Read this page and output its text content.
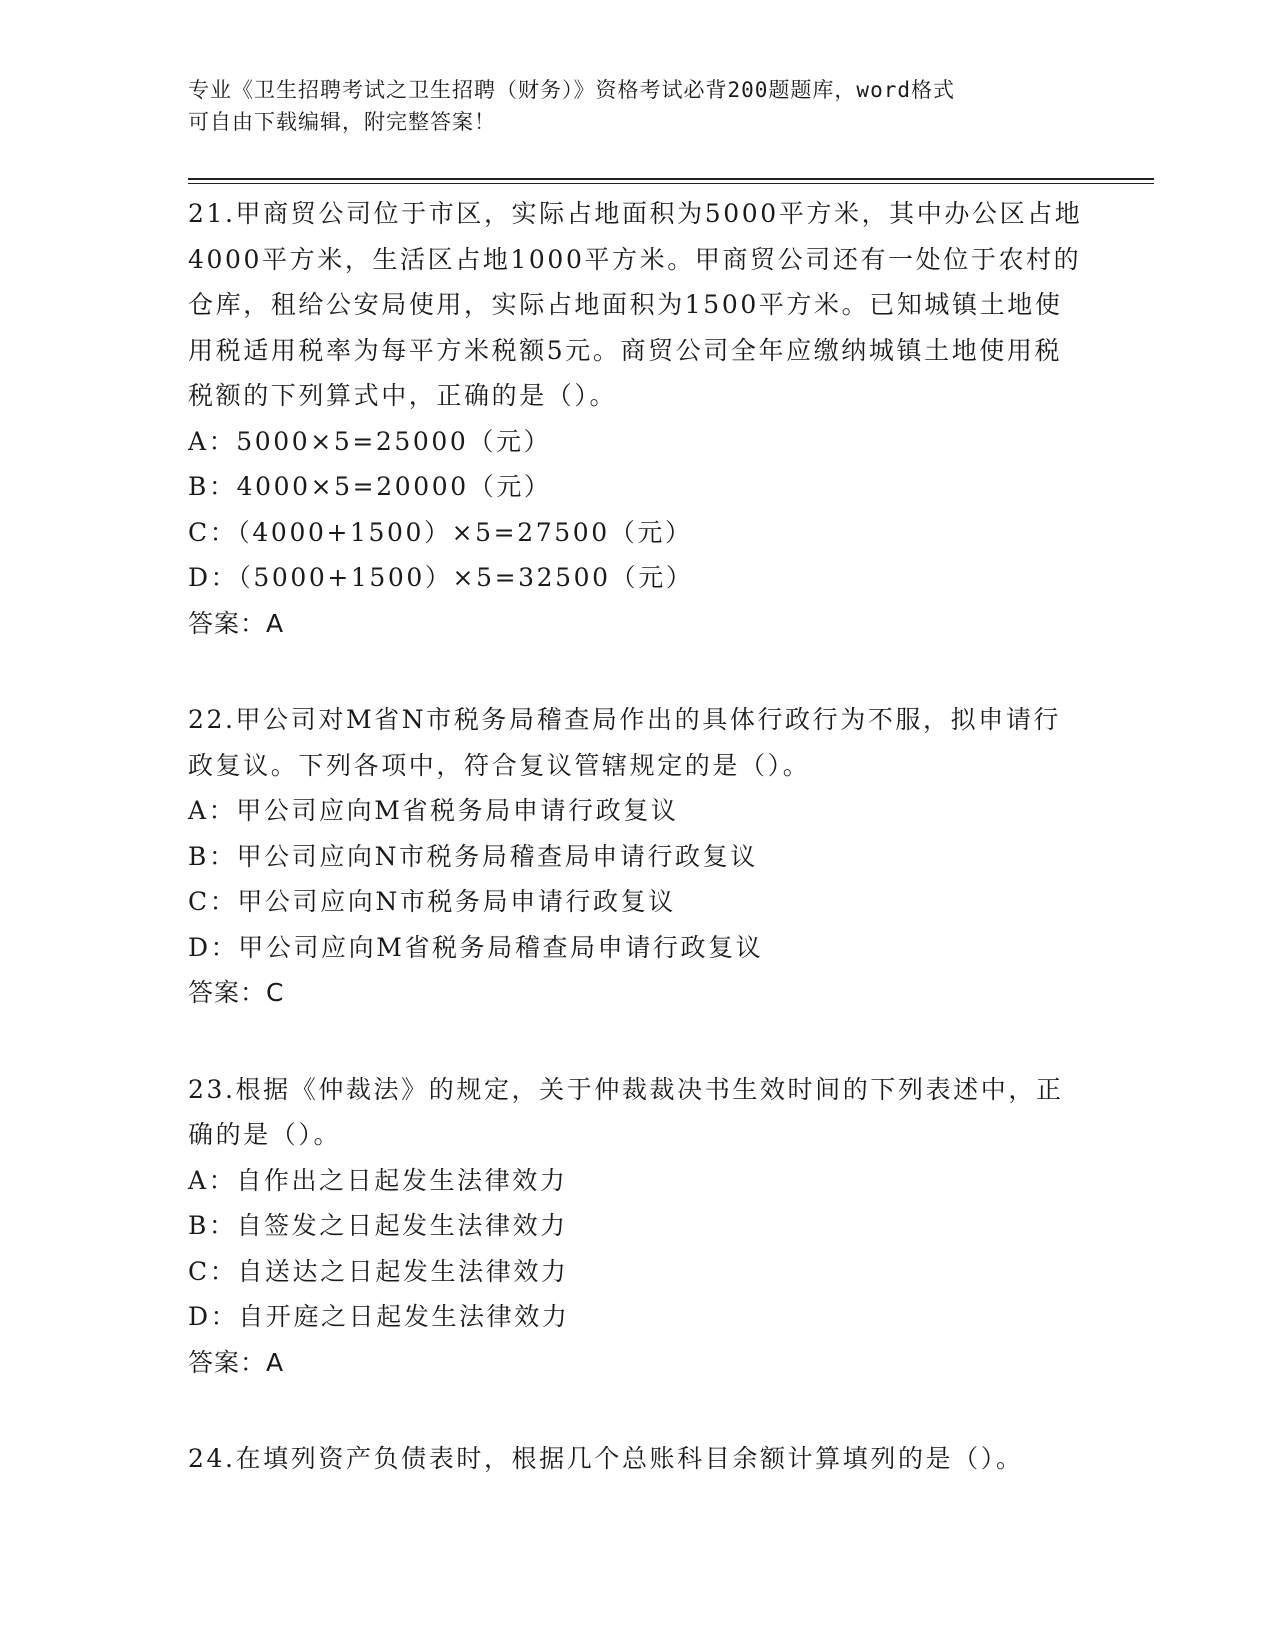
专业《卫生招聘考试之卫生招聘（财务）》资格考试必背200题题库，word格式
可自由下载编辑，附完整答案！

21.甲商贸公司位于市区，实际占地面积为5000平方米，其中办公区占地4000平方米，生活区占地1000平方米。甲商贸公司还有一处位于农村的仓库，租给公安局使用，实际占地面积为1500平方米。已知城镇土地使用税适用税率为每平方米税额5元。商贸公司全年应缴纳城镇土地使用税税额的下列算式中，正确的是（）。

A：5000×5=25000（元）

B：4000×5=20000（元）

C：（4000+1500）×5=27500（元）

D：（5000+1500）×5=32500（元）

答案：A

22.甲公司对M省N市税务局稽查局作出的具体行政行为不服，拟申请行政复议。下列各项中，符合复议管辖规定的是（）。

A：甲公司应向M省税务局申请行政复议

B：甲公司应向N市税务局稽查局申请行政复议

C：甲公司应向N市税务局申请行政复议

D：甲公司应向M省税务局稽查局申请行政复议

答案：C

23.根据《仲裁法》的规定，关于仲裁裁决书生效时间的下列表述中，正确的是（）。

A：自作出之日起发生法律效力

B：自签发之日起发生法律效力

C：自送达之日起发生法律效力

D：自开庭之日起发生法律效力

答案：A

24.在填列资产负债表时，根据几个总账科目余额计算填列的是（）。
